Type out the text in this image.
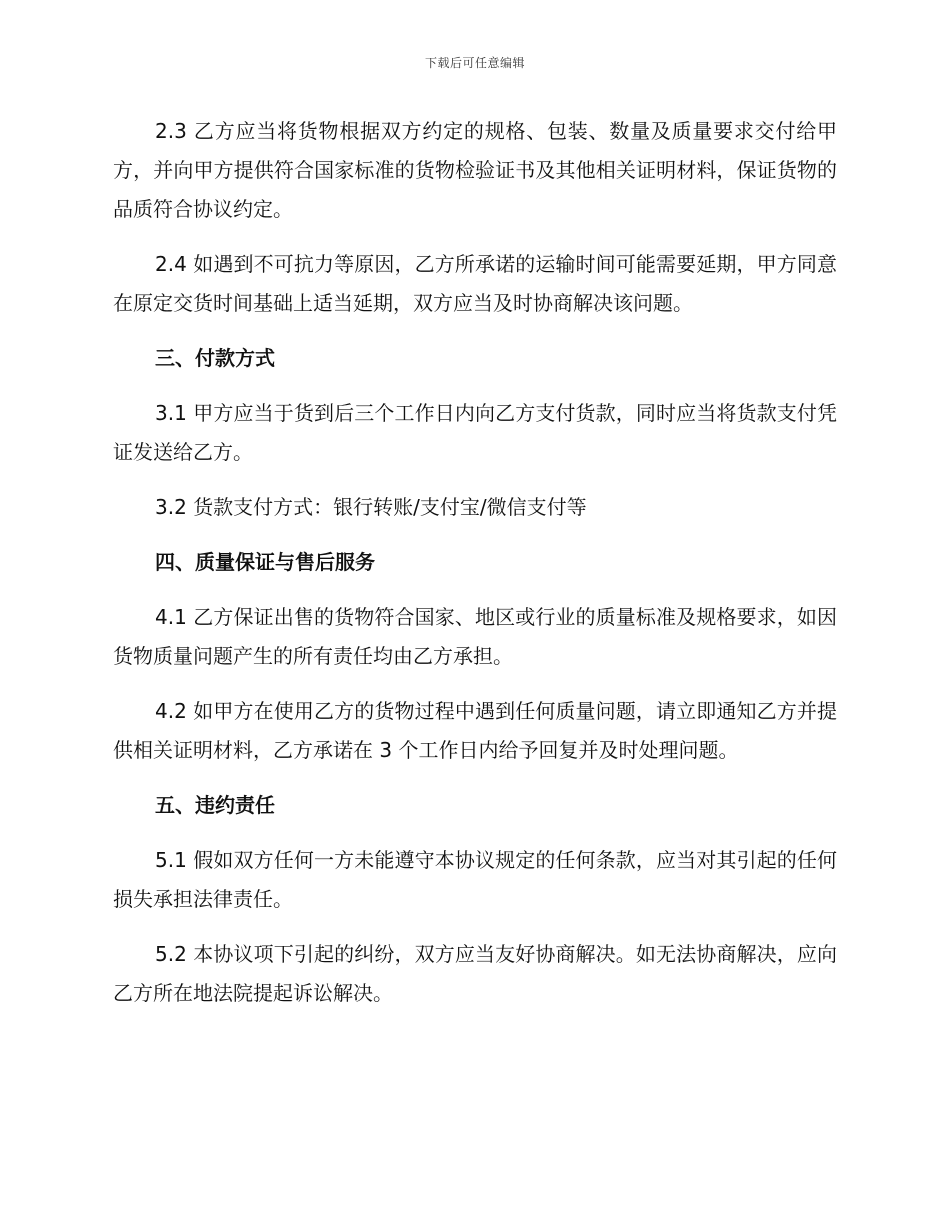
下载后可任意编辑

2.3 乙方应当将货物根据双方约定的规格、包装、数量及质量要求交付给甲方，并向甲方提供符合国家标准的货物检验证书及其他相关证明材料，保证货物的品质符合协议约定。

2.4 如遇到不可抗力等原因，乙方所承诺的运输时间可能需要延期，甲方同意在原定交货时间基础上适当延期，双方应当及时协商解决该问题。

三、付款方式

3.1 甲方应当于货到后三个工作日内向乙方支付货款，同时应当将货款支付凭证发送给乙方。

3.2 货款支付方式：银行转账/支付宝/微信支付等

四、质量保证与售后服务

4.1 乙方保证出售的货物符合国家、地区或行业的质量标准及规格要求，如因货物质量问题产生的所有责任均由乙方承担。

4.2 如甲方在使用乙方的货物过程中遇到任何质量问题，请立即通知乙方并提供相关证明材料，乙方承诺在 3 个工作日内给予回复并及时处理问题。

五、违约责任

5.1 假如双方任何一方未能遵守本协议规定的任何条款，应当对其引起的任何损失承担法律责任。

5.2 本协议项下引起的纠纷，双方应当友好协商解决。如无法协商解决，应向乙方所在地法院提起诉讼解决。
